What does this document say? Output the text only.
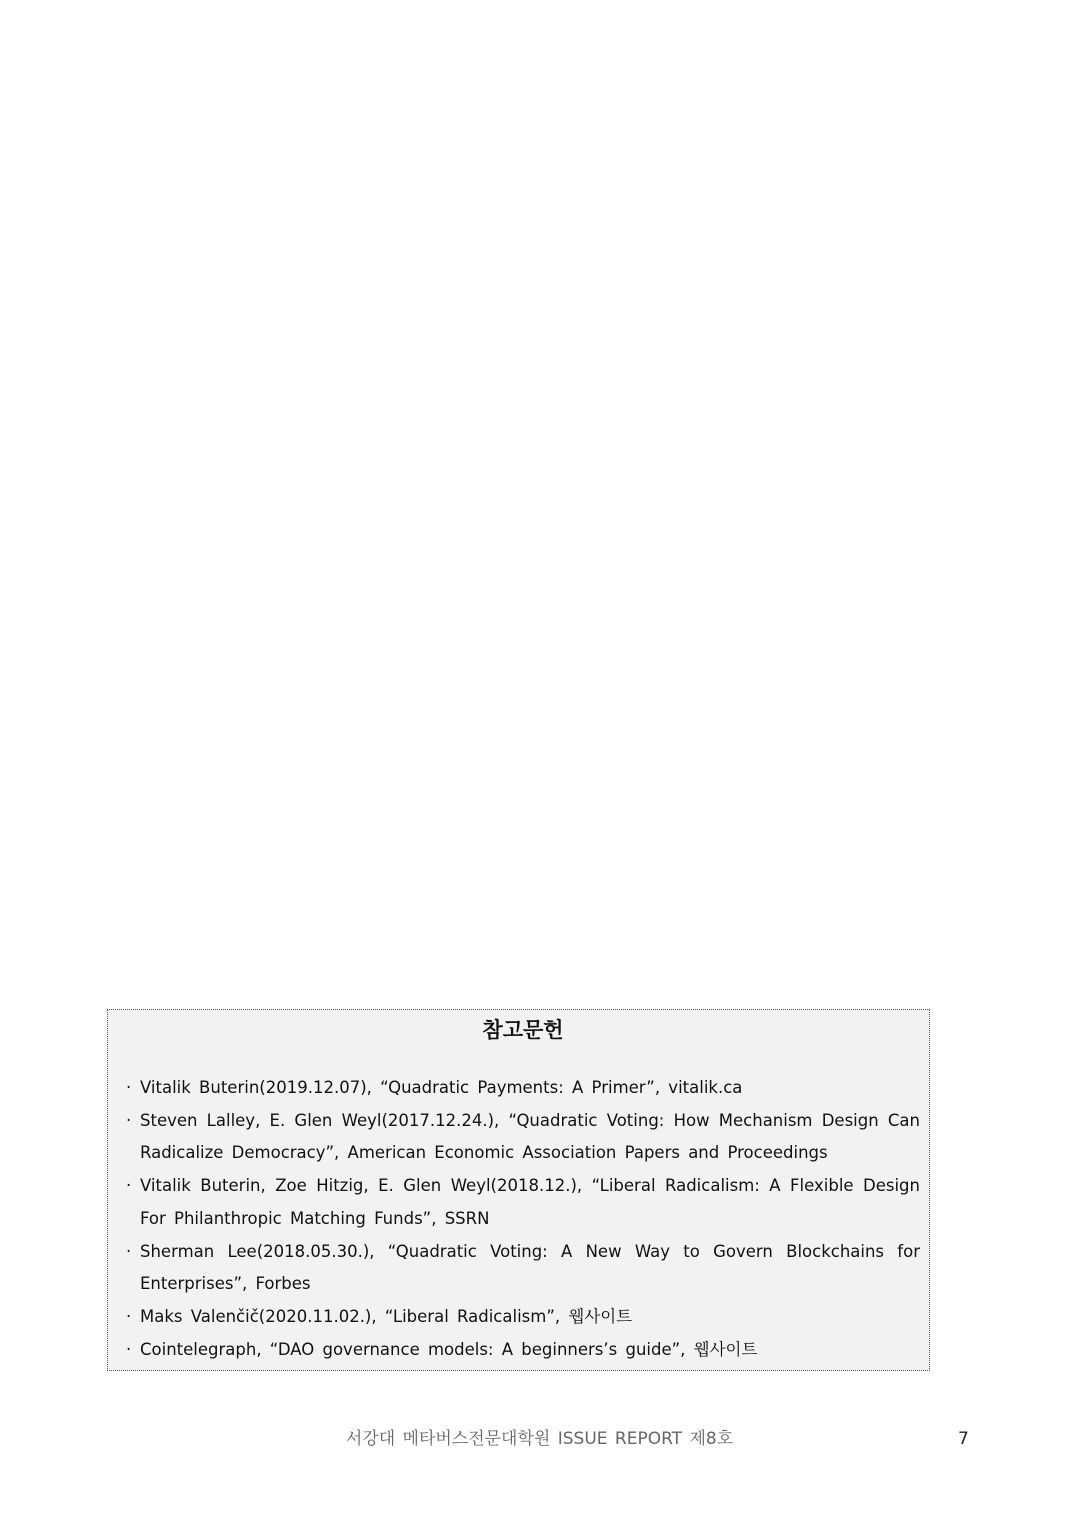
참고문헌
· Vitalik Buterin(2019.12.07), “Quadratic Payments: A Primer”, vitalik.ca
· Steven Lalley, E. Glen Weyl(2017.12.24.), “Quadratic Voting: How Mechanism Design Can Radicalize Democracy”, American Economic Association Papers and Proceedings
· Vitalik Buterin, Zoe Hitzig, E. Glen Weyl(2018.12.), “Liberal Radicalism: A Flexible Design For Philanthropic Matching Funds”, SSRN
· Sherman Lee(2018.05.30.), “Quadratic Voting: A New Way to Govern Blockchains for Enterprises”, Forbes
· Maks Valenčič(2020.11.02.), “Liberal Radicalism”, 웹사이트
· Cointelegraph, “DAO governance models: A beginners’s guide”, 웹사이트
서강대 메타버스전문대학원 ISSUE REPORT 제8호	7
